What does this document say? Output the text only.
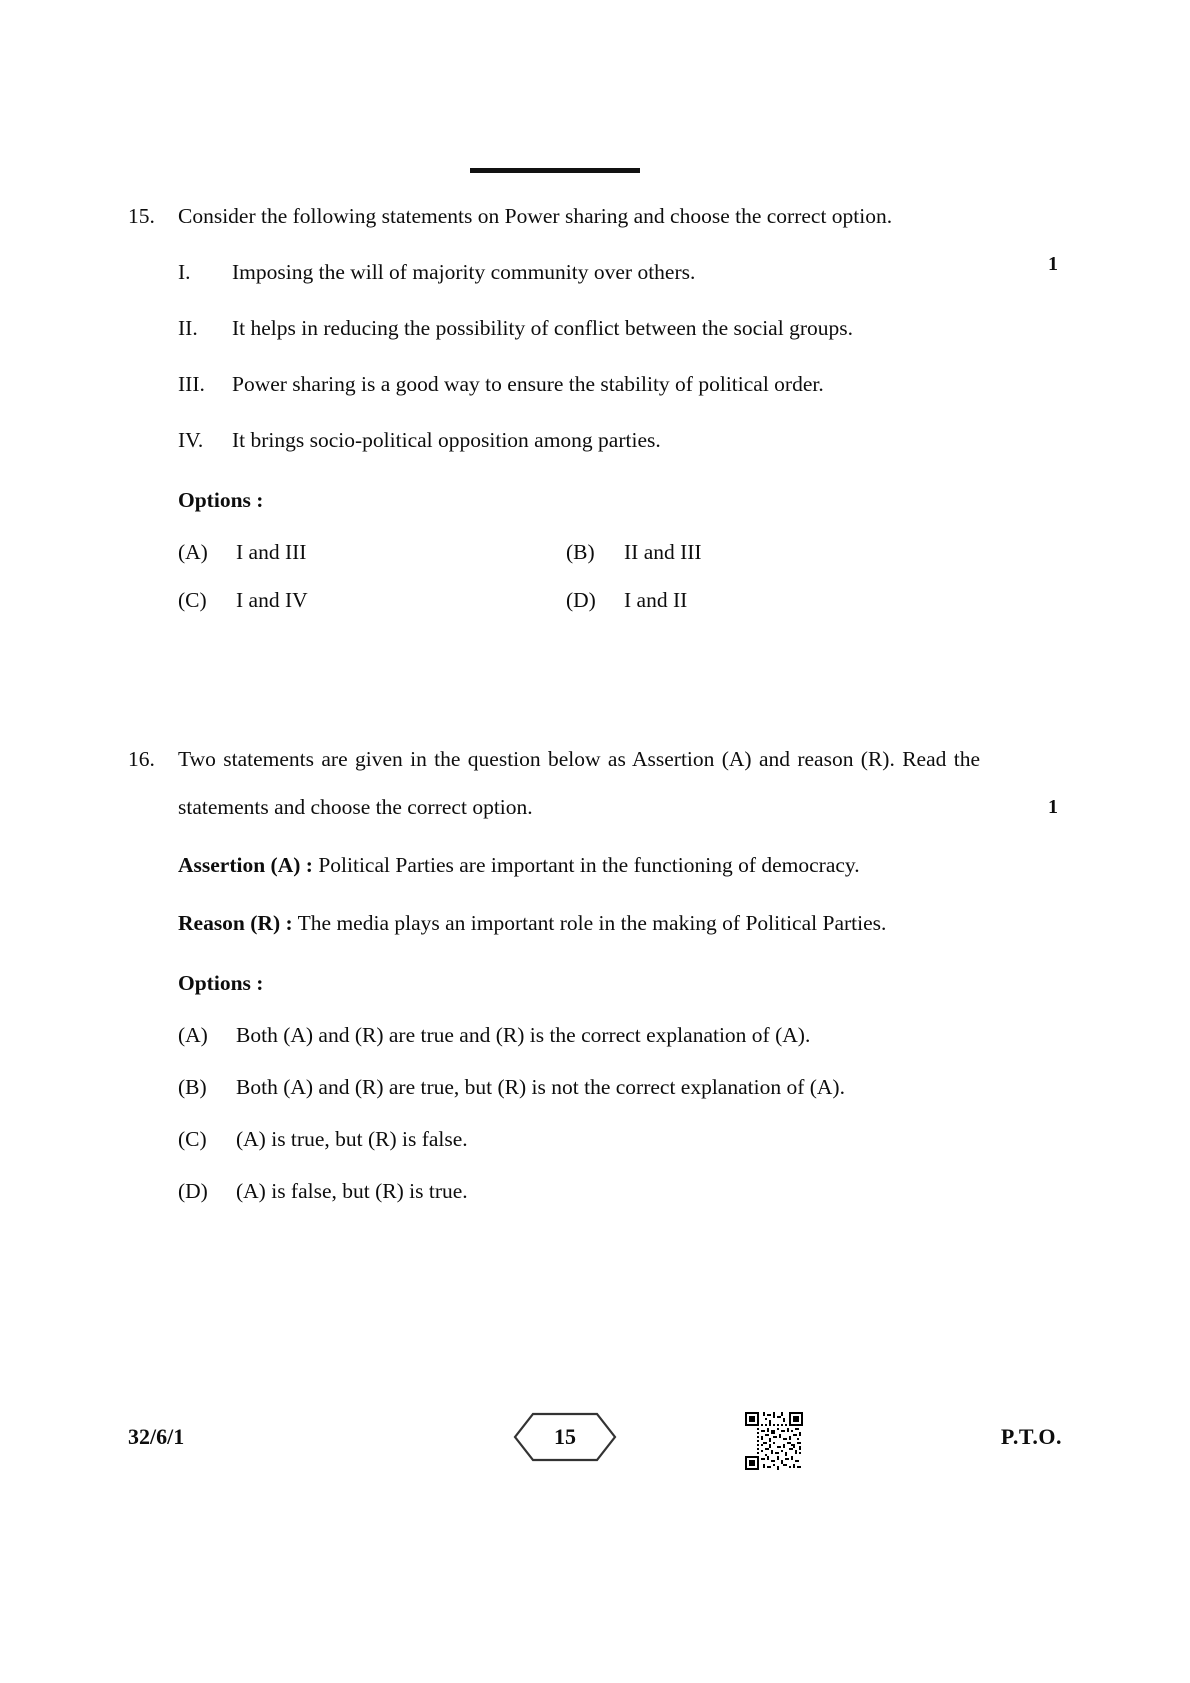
15.	Consider the following statements on Power sharing and choose the correct option.
1
I.	Imposing the will of majority community over others.
II.	It helps in reducing the possibility of conflict between the social groups.
III.	Power sharing is a good way to ensure the stability of political order.
IV.	It brings socio-political opposition among parties.
Options :
(A) I and III	(B) II and III
(C) I and IV	(D) I and II
16.	Two statements are given in the question below as Assertion (A) and reason (R). Read the statements and choose the correct option.	1
Assertion (A) : Political Parties are important in the functioning of democracy.
Reason (R) : The media plays an important role in the making of Political Parties.
Options :
(A) Both (A) and (R) are true and (R) is the correct explanation of (A).
(B) Both (A) and (R) are true, but (R) is not the correct explanation of (A).
(C) (A) is true, but (R) is false.
(D) (A) is false, but (R) is true.
32/6/1	15	P.T.O.
